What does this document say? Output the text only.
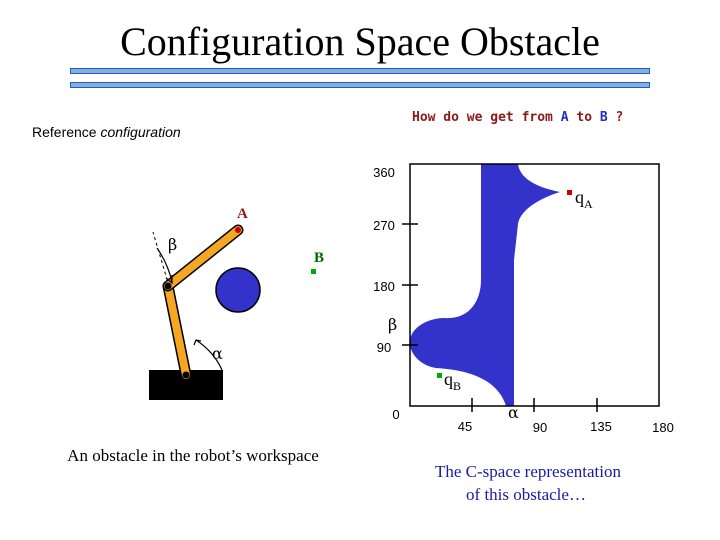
Configuration Space Obstacle
How do we get from A to B ?
Reference configuration
A
B
β
α
An obstacle in the robot’s workspace
360
270
180
90
0
45	90	135	180
β
α
$q_A$
$q_B$
The C-space representation
of this obstacle…
